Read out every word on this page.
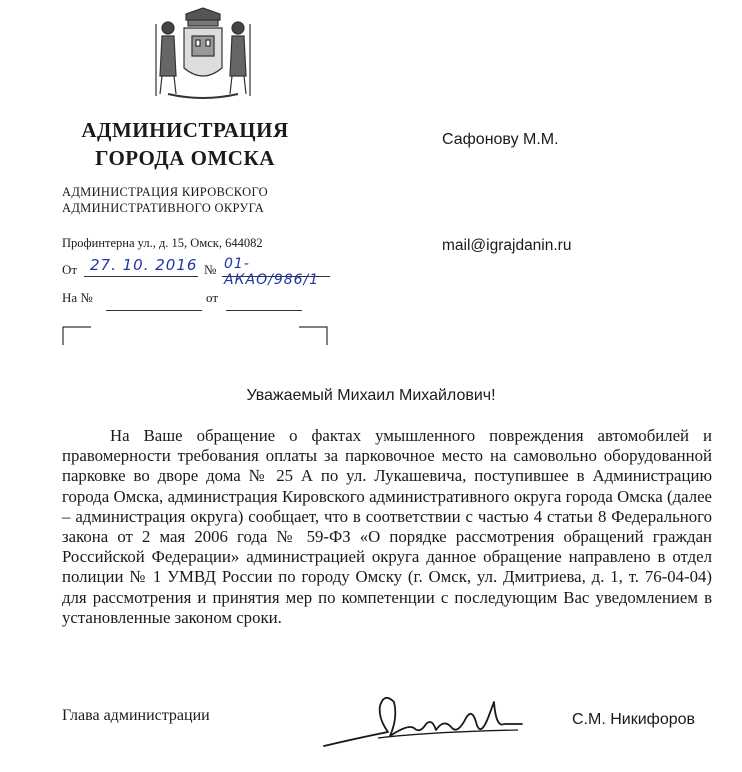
АДМИНИСТРАЦИЯ
ГОРОДА ОМСКА
АДМИНИСТРАЦИЯ КИРОВСКОГО
АДМИНИСТРАТИВНОГО ОКРУГА
Профинтерна ул., д. 15, Омск, 644082
От 27. 10. 2016 № 01-АКАО/986/1
На №	от
Сафонову М.М.
mail@igrajdanin.ru
Уважаемый Михаил Михайлович!
На Ваше обращение о фактах умышленного повреждения автомобилей и правомерности требования оплаты за парковочное место на самовольно оборудованной парковке во дворе дома № 25 А по ул. Лукашевича, поступившее в Администрацию города Омска, администрация Кировского административного округа города Омска (далее – администрация округа) сообщает, что в соответствии с частью 4 статьи 8 Федерального закона от 2 мая 2006 года № 59-ФЗ «О порядке рассмотрения обращений граждан Российской Федерации» администрацией округа данное обращение направлено в отдел полиции № 1 УМВД России по городу Омску (г. Омск, ул. Дмитриева, д. 1, т. 76-04-04) для рассмотрения и принятия мер по компетенции с последующим Вас уведомлением в установленные законом сроки.
Глава администрации	С.М. Никифоров
